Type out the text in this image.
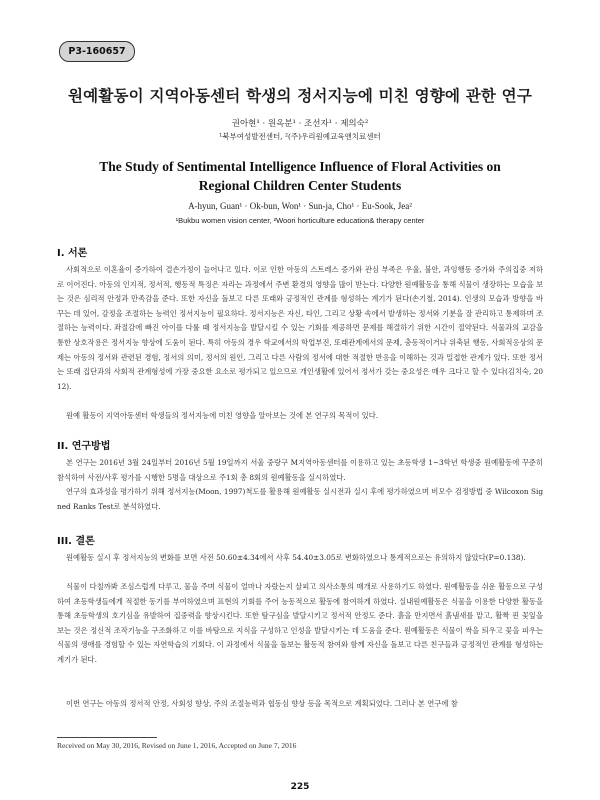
P3-160657
원예활동이 지역아동센터 학생의 정서지능에 미친 영향에 관한 연구
권아현¹ · 원옥분¹ · 조선자¹ · 제의숙²
¹북부여성발전센터, ²(주)우리원예교육앤치료센터
The Study of Sentimental Intelligence Influence of Floral Activities on Regional Children Center Students
A-hyun, Guan¹ · Ok-bun, Won¹ · Sun-ja, Cho¹ · Eu-Sook, Jea²
¹Bukbu women vision center, ²Woori horticulture education& therapy center
I. 서론
사회적으로 이혼율이 증가하여 결손가정이 늘어나고 있다. 이로 인한 아동의 스트레스 증가와 관심 부족은 우울, 불안, 과잉행동 증가와 주의집중 저하로 이어진다. 아동의 인지적, 정서적, 행동적 특징은 자라는 과정에서 주변 환경의 영향을 많이 받는다. 다양한 원예활동을 통해 식물이 생장하는 모습을 보는 것은 심리적 안정과 만족감을 준다. 또한 자신을 돌보고 다른 또래와 긍정적인 관계를 형성하는 계기가 된다(손기철, 2014). 인생의 모습과 방향을 바꾸는 데 있어, 감정을 조절하는 능력인 정서지능이 필요하다. 정서지능은 자신, 타인, 그리고 상황 속에서 발생하는 정서와 기분을 잘 관리하고 통제하며 조절하는 능력이다. 좌절감에 빠진 아이를 다룰 때 정서지능을 발달시킬 수 있는 기회를 제공하면 문제를 해결하기 위한 시간이 절약된다. 식물과의 교감을 통한 상호작용은 정서지능 향상에 도움이 된다. 특히 아동의 경우 학교에서의 학업부진, 또래관계에서의 문제, 충동적이거나 위축된 행동, 사회적응상의 문제는 아동의 정서와 관련된 경험, 정서의 의미, 정서의 원인, 그리고 다른 사람의 정서에 대한 적절한 반응을 이해하는 것과 밀접한 관계가 있다. 또한 정서는 또래 집단과의 사회적 관계형성에 가장 중요한 요소로 평가되고 있으므로 개인생활에 있어서 정서가 갖는 중요성은 매우 크다고 할 수 있다(김치숙, 2012).
원예 활동이 지역아동센터 학생들의 정서지능에 미친 영향을 알아보는 것에 본 연구의 목적이 있다.
II. 연구방법
본 연구는 2016년 3월 24일부터 2016년 5월 19일까지 서울 중랑구 M지역아동센터를 이용하고 있는 초등학생 1~3학년 학생중 원예활동에 꾸준히 참석하여 사전/사후 평가를 시행한 5명을 대상으로 주1회 총 8회의 원예활동을 실시하였다.
연구의 효과성을 평가하기 위해 정서지능(Moon, 1997)척도를 활용해 원예활동 실시전과 실시 후에 평가하였으며 비모수 검정방법 중 Wilcoxon Signed Ranks Test로 분석하였다.
III. 결론
원예활동 실시 후 정서지능의 변화를 보면 사전 50.60±4.34에서 사후 54.40±3.05로 변화하였으나 통계적으로는 유의하지 않았다(P=0.138).
식물이 다칠까봐 조심스럽게 다루고, 물을 주며 식물이 얼마나 자랐는지 살피고 의사소통의 매개로 사용하기도 하였다. 원예활동을 쉬운 활동으로 구성하여 초등학생들에게 적절한 동기를 부여하였으며 표현의 기회를 주어 능동적으로 활동에 참여하게 하였다. 실내원예활동은 식물을 이용한 다양한 활동을 통해 초등학생의 호기심을 유발하여 집중력을 향상시킨다. 또한 탐구심을 발달시키고 정서적 안정도 준다. 흙을 만지면서 흙냄새를 맡고, 활짝 핀 꽃잎을 보는 것은 정신적 조작기능을 구조화하고 이를 바탕으로 지식을 구성하고 인성을 발달시키는 데 도움을 준다. 원예활동은 식물이 싹을 틔우고 꽃을 피우는 식물의 생애를 경험할 수 있는 자연학습의 기회다. 이 과정에서 식물을 돌보는 활동적 참여와 함께 자신을 돌보고 다른 친구들과 긍정적인 관계를 형성하는 계기가 된다.
이번 연구는 아동의 정서적 안정, 사회성 향상, 주의 조절능력과 협동심 향상 등을 목적으로 계획되었다. 그러나 본 연구에 참
Received on May 30, 2016, Revised on June 1, 2016, Accepted on June 7, 2016
225
